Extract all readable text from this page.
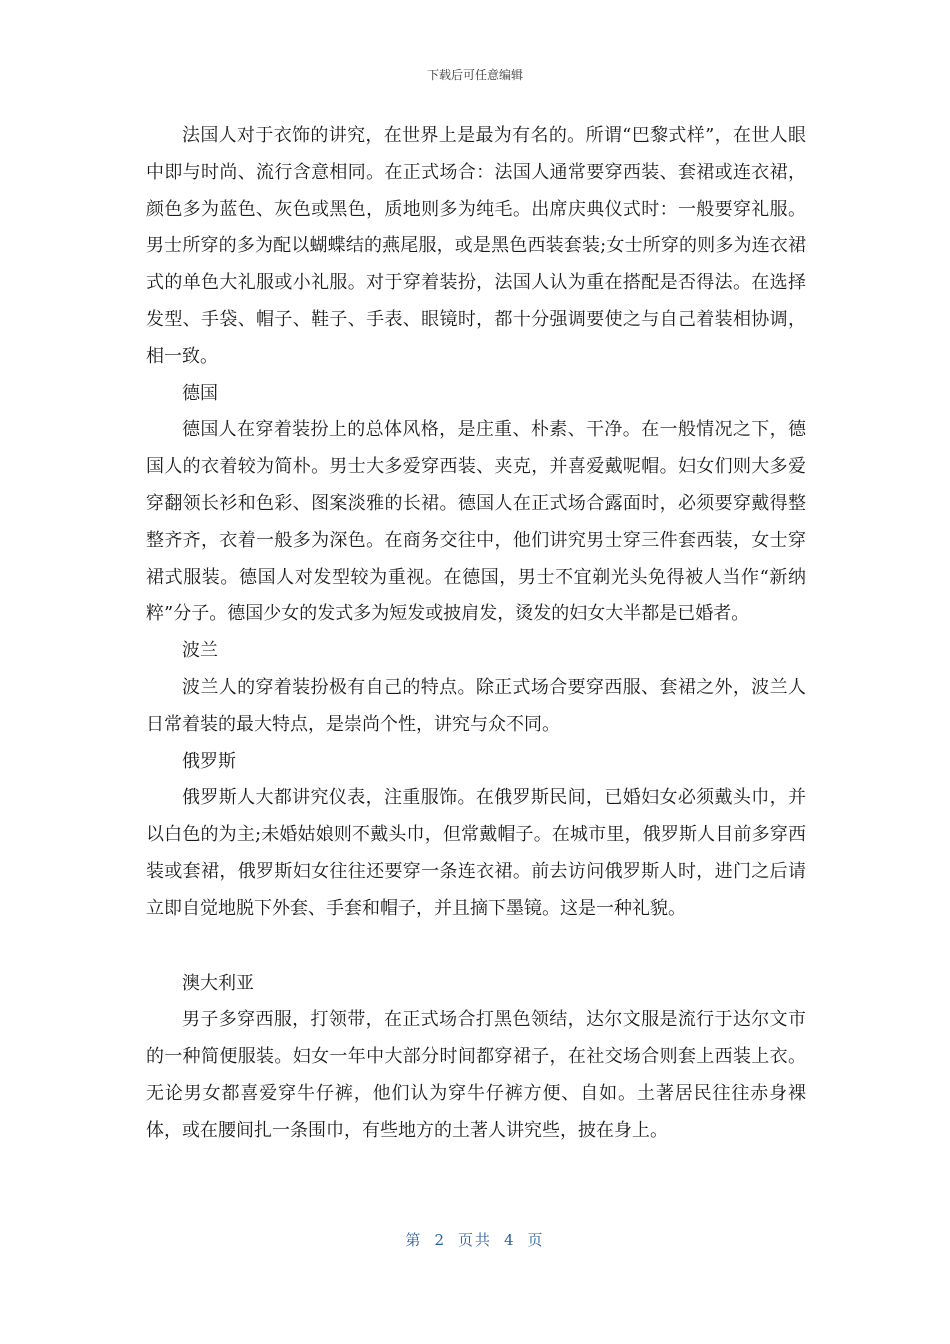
下载后可任意编辑

法国人对于衣饰的讲究，在世界上是最为有名的。所谓“巴黎式样”，在世人眼中即与时尚、流行含意相同。在正式场合：法国人通常要穿西装、套裙或连衣裙，颜色多为蓝色、灰色或黑色，质地则多为纯毛。出席庆典仪式时：一般要穿礼服。男士所穿的多为配以蝴蝶结的燕尾服，或是黑色西装套装;女士所穿的则多为连衣裙式的单色大礼服或小礼服。对于穿着装扮，法国人认为重在搭配是否得法。在选择发型、手袋、帽子、鞋子、手表、眼镜时，都十分强调要使之与自己着装相协调，相一致。

德国

德国人在穿着装扮上的总体风格，是庄重、朴素、干净。在一般情况之下，德国人的衣着较为简朴。男士大多爱穿西装、夹克，并喜爱戴呢帽。妇女们则大多爱穿翻领长衫和色彩、图案淡雅的长裙。德国人在正式场合露面时，必须要穿戴得整整齐齐，衣着一般多为深色。在商务交往中，他们讲究男士穿三件套西装，女士穿裙式服装。德国人对发型较为重视。在德国，男士不宜剃光头免得被人当作“新纳粹”分子。德国少女的发式多为短发或披肩发，烫发的妇女大半都是已婚者。

波兰

波兰人的穿着装扮极有自己的特点。除正式场合要穿西服、套裙之外，波兰人日常着装的最大特点，是崇尚个性，讲究与众不同。

俄罗斯

俄罗斯人大都讲究仪表，注重服饰。在俄罗斯民间，已婚妇女必须戴头巾，并以白色的为主;未婚姑娘则不戴头巾，但常戴帽子。在城市里，俄罗斯人目前多穿西装或套裙，俄罗斯妇女往往还要穿一条连衣裙。前去访问俄罗斯人时，进门之后请立即自觉地脱下外套、手套和帽子，并且摘下墨镜。这是一种礼貌。

澳大利亚

男子多穿西服，打领带，在正式场合打黑色领结，达尔文服是流行于达尔文市的一种简便服装。妇女一年中大部分时间都穿裙子，在社交场合则套上西装上衣。无论男女都喜爱穿牛仔裤，他们认为穿牛仔裤方便、自如。土著居民往往赤身裸体，或在腰间扎一条围巾，有些地方的土著人讲究些，披在身上。

第 2 页共 4 页
